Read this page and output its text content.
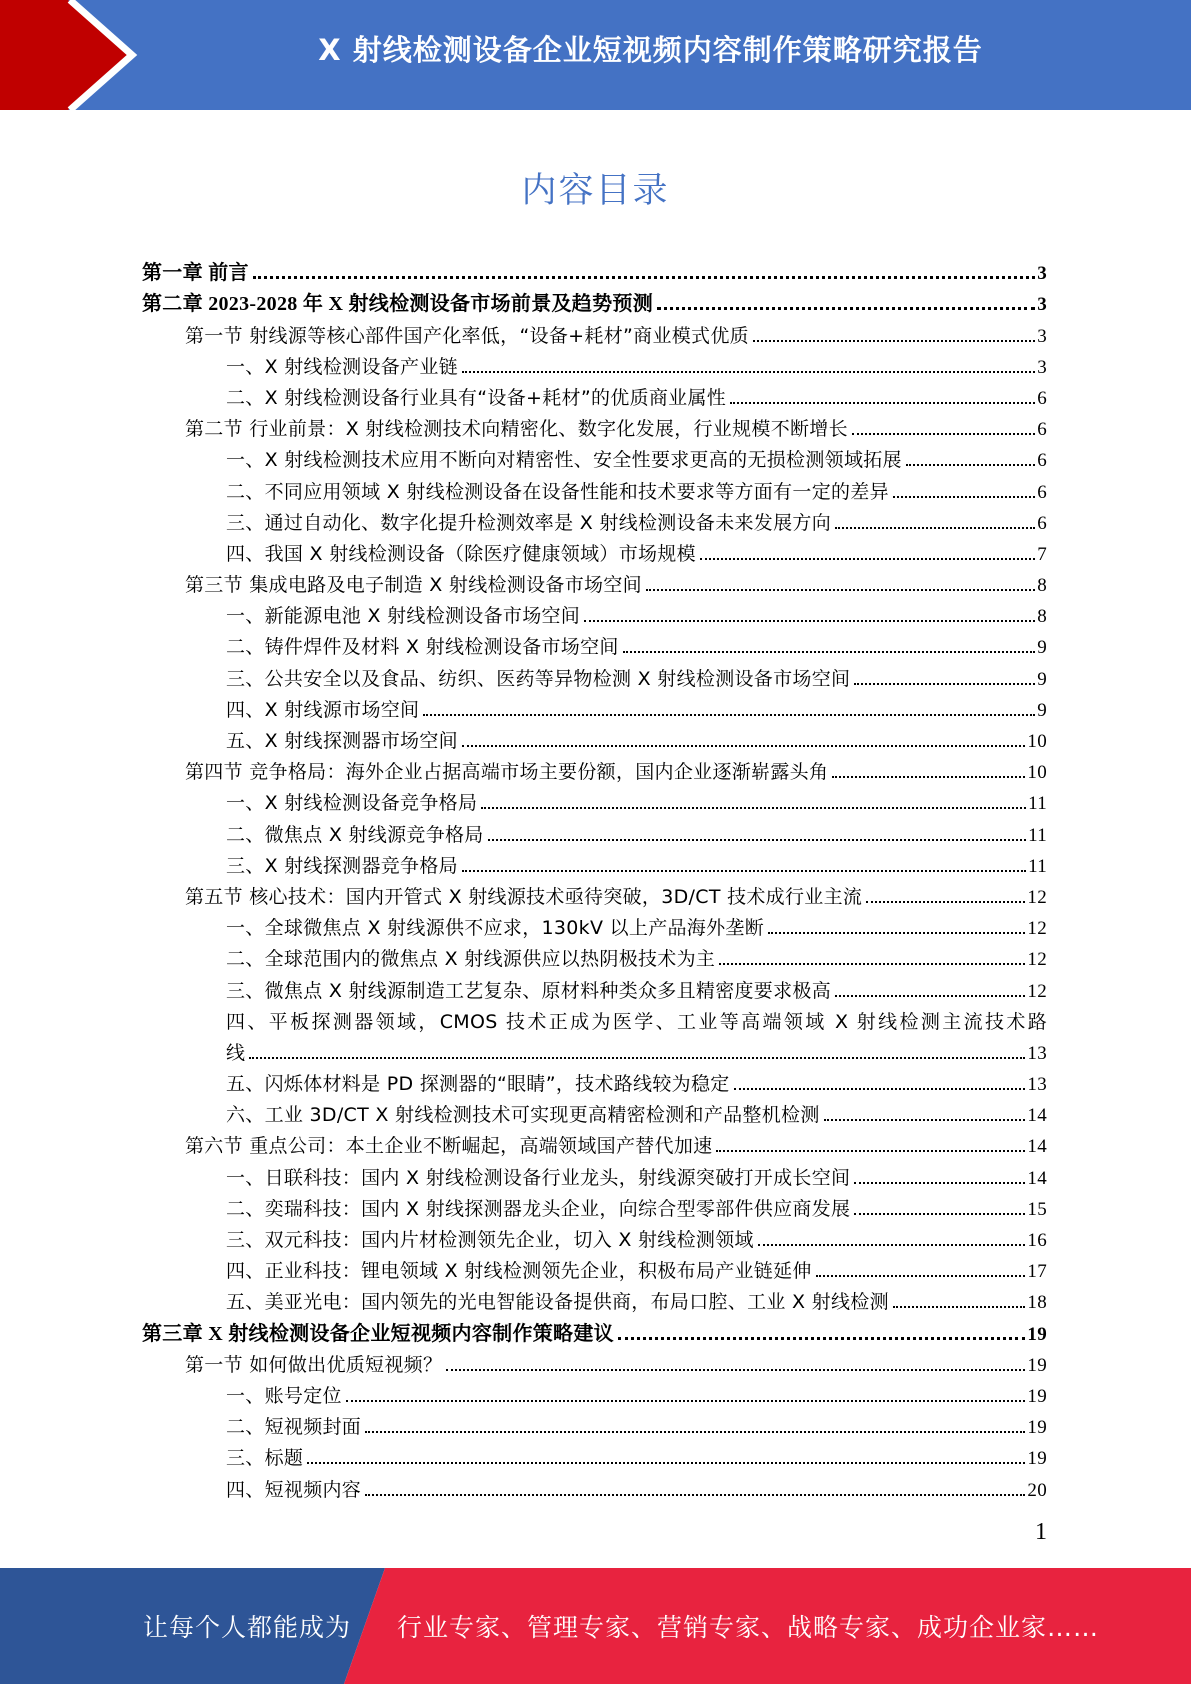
X 射线检测设备企业短视频内容制作策略研究报告
内容目录
第一章 前言	3
第二章 2023-2028 年 X 射线检测设备市场前景及趋势预测	3
第一节 射线源等核心部件国产化率低，“设备+耗材”商业模式优质	3
一、X 射线检测设备产业链	3
二、X 射线检测设备行业具有“设备+耗材”的优质商业属性	6
第二节 行业前景：X 射线检测技术向精密化、数字化发展，行业规模不断增长	6
一、X 射线检测技术应用不断向对精密性、安全性要求更高的无损检测领域拓展	6
二、不同应用领域 X 射线检测设备在设备性能和技术要求等方面有一定的差异	6
三、通过自动化、数字化提升检测效率是 X 射线检测设备未来发展方向	6
四、我国 X 射线检测设备（除医疗健康领域）市场规模	7
第三节 集成电路及电子制造 X 射线检测设备市场空间	8
一、新能源电池 X 射线检测设备市场空间	8
二、铸件焊件及材料 X 射线检测设备市场空间	9
三、公共安全以及食品、纺织、医药等异物检测 X 射线检测设备市场空间	9
四、X 射线源市场空间	9
五、X 射线探测器市场空间	10
第四节 竞争格局：海外企业占据高端市场主要份额，国内企业逐渐崭露头角	10
一、X 射线检测设备竞争格局	11
二、微焦点 X 射线源竞争格局	11
三、X 射线探测器竞争格局	11
第五节 核心技术：国内开管式 X 射线源技术亟待突破，3D/CT 技术成行业主流	12
一、全球微焦点 X 射线源供不应求，130kV 以上产品海外垄断	12
二、全球范围内的微焦点 X 射线源供应以热阴极技术为主	12
三、微焦点 X 射线源制造工艺复杂、原材料种类众多且精密度要求极高	12
四、平板探测器领域，CMOS 技术正成为医学、工业等高端领域 X 射线检测主流技术路
线	13
五、闪烁体材料是 PD 探测器的“眼睛”，技术路线较为稳定	13
六、工业 3D/CT X 射线检测技术可实现更高精密检测和产品整机检测	14
第六节 重点公司：本土企业不断崛起，高端领域国产替代加速	14
一、日联科技：国内 X 射线检测设备行业龙头，射线源突破打开成长空间	14
二、奕瑞科技：国内 X 射线探测器龙头企业，向综合型零部件供应商发展	15
三、双元科技：国内片材检测领先企业，切入 X 射线检测领域	16
四、正业科技：锂电领域 X 射线检测领先企业，积极布局产业链延伸	17
五、美亚光电：国内领先的光电智能设备提供商，布局口腔、工业 X 射线检测	18
第三章 X 射线检测设备企业短视频内容制作策略建议	19
第一节 如何做出优质短视频？	19
一、账号定位	19
二、短视频封面	19
三、标题	19
四、短视频内容	20
1
让每个人都能成为 行业专家、管理专家、营销专家、战略专家、成功企业家……
